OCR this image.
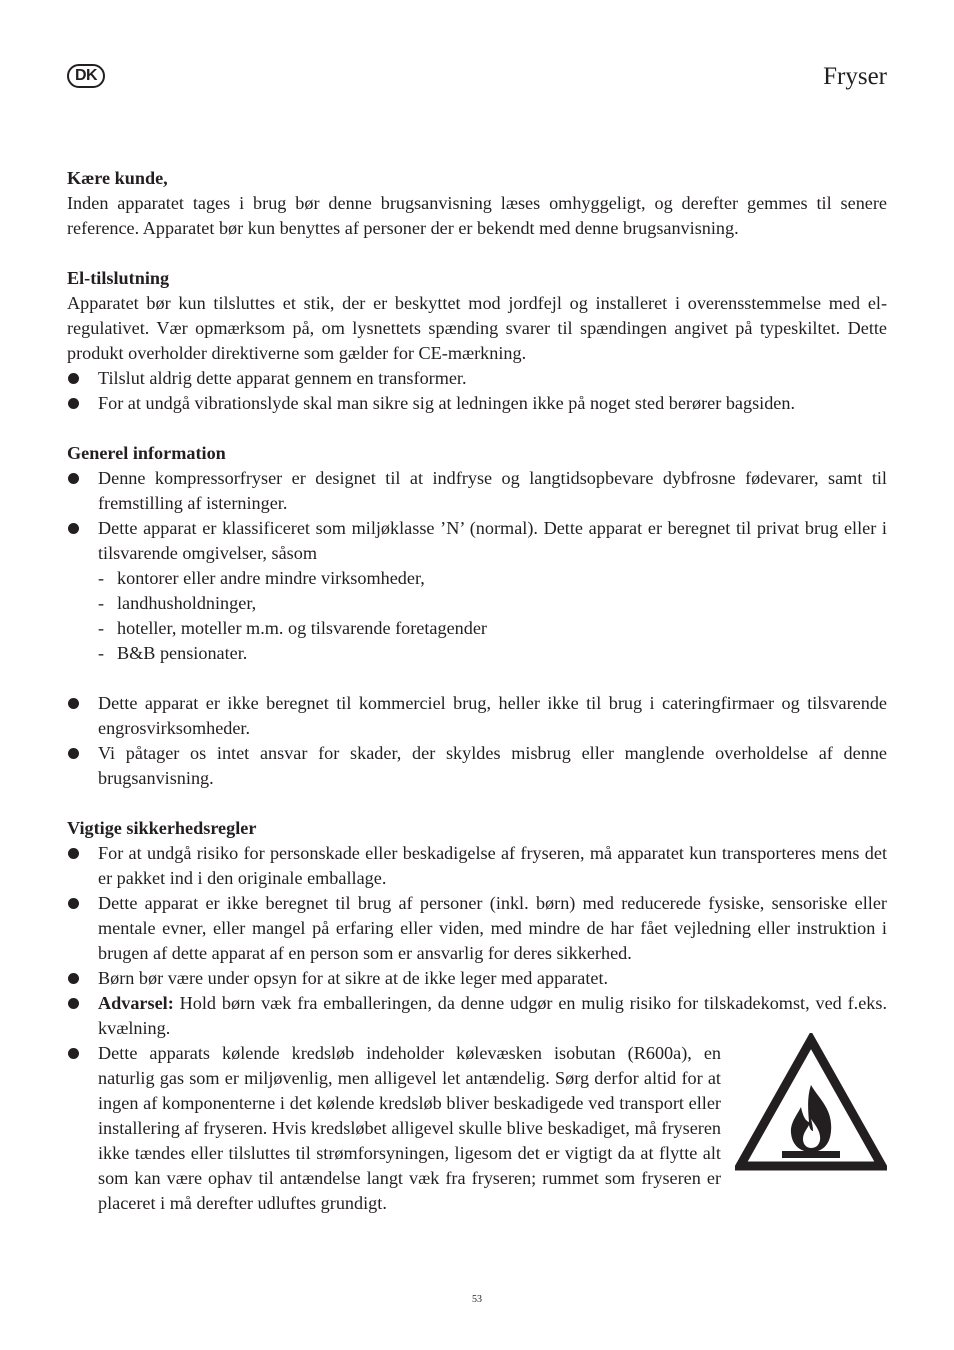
DK	Fryser
Kære kunde,
Inden apparatet tages i brug bør denne brugsanvisning læses omhyggeligt, og derefter gemmes til senere reference. Apparatet bør kun benyttes af personer der er bekendt med denne brugsanvisning.
El-tilslutning
Apparatet bør kun tilsluttes et stik, der er beskyttet mod jordfejl og installeret i overensstemmelse med el-regulativet. Vær opmærksom på, om lysnettets spænding svarer til spændingen angivet på typeskiltet. Dette produkt overholder direktiverne som gælder for CE-mærkning.
Tilslut aldrig dette apparat gennem en transformer.
For at undgå vibrationslyde skal man sikre sig at ledningen ikke på noget sted berører bagsiden.
Generel information
Denne kompressorfryser er designet til at indfryse og langtidsopbevare dybfrosne fødevarer, samt til fremstilling af isterninger.
Dette apparat er klassificeret som miljøklasse ’N’ (normal). Dette apparat er beregnet til privat brug eller i tilsvarende omgivelser, såsom
- kontorer eller andre mindre virksomheder,
- landhusholdninger,
- hoteller, moteller m.m. og tilsvarende foretagender
- B&B pensionater.
Dette apparat er ikke beregnet til kommerciel brug, heller ikke til brug i cateringfirmaer og tilsvarende engrosvirksomheder.
Vi påtager os intet ansvar for skader, der skyldes misbrug eller manglende overholdelse af denne brugsanvisning.
Vigtige sikkerhedsregler
For at undgå risiko for personskade eller beskadigelse af fryseren, må apparatet kun transporteres mens det er pakket ind i den originale emballage.
Dette apparat er ikke beregnet til brug af personer (inkl. børn) med reducerede fysiske, sensoriske eller mentale evner, eller mangel på erfaring eller viden, med mindre de har fået vejledning eller instruktion i brugen af dette apparat af en person som er ansvarlig for deres sikkerhed.
Børn bør være under opsyn for at sikre at de ikke leger med apparatet.
Advarsel: Hold børn væk fra emballeringen, da denne udgør en mulig risiko for tilskadekomst, ved f.eks. kvælning.
Dette apparats kølende kredsløb indeholder kølevæsken isobutan (R600a), en naturlig gas som er miljøvenlig, men alligevel let antændelig. Sørg derfor altid for at ingen af komponenterne i det kølende kredsløb bliver beskadigede ved transport eller installering af fryseren. Hvis kredsløbet alligevel skulle blive beskadiget, må fryseren ikke tændes eller tilsluttes til strømforsyningen, ligesom det er vigtigt da at flytte alt som kan være ophav til antændelse langt væk fra fryseren; rummet som fryseren er placeret i må derefter udluftes grundigt.
53
